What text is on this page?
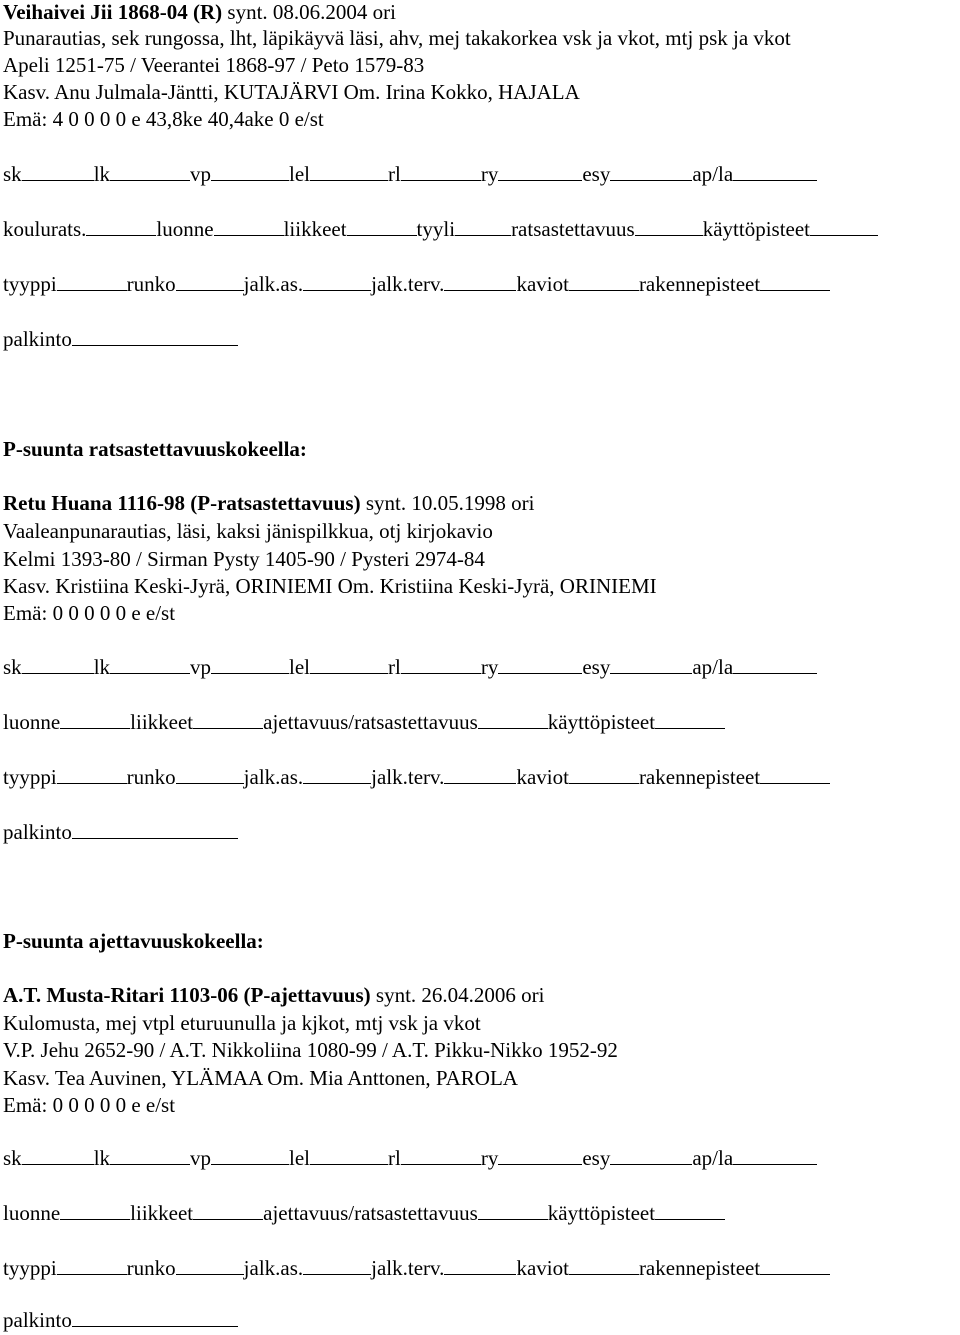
Veihaivei Jii 1868-04 (R) synt. 08.06.2004 ori
Punarautias, sek rungossa, lht, läpikäyvä läsi, ahv, mej takakorkea vsk ja vkot, mtj psk ja vkot
Apeli 1251-75 / Veerantei 1868-97 / Peto 1579-83
Kasv. Anu Julmala-Jäntti, KUTAJÄRVI Om. Irina Kokko, HAJALA
Emä: 4 0 0 0 0 e 43,8ke 40,4ake 0 e/st
sk	lk	vp	lel	rl	ry	esy	ap/la
koulurats.	luonne	liikkeet	tyyli	ratsastettavuus	käyttöpisteet
tyyppi	runko	jalk.as.	jalk.terv.	kaviot	rakennepisteet
palkinto
P-suunta ratsastettavuuskokeella:
Retu Huana 1116-98 (P-ratsastettavuus) synt. 10.05.1998 ori
Vaaleanpunarautias, läsi, kaksi jänispilkkua, otj kirjokavio
Kelmi 1393-80 / Sirman Pysty 1405-90 / Pysteri 2974-84
Kasv. Kristiina Keski-Jyrä, ORINIEMI Om. Kristiina Keski-Jyrä, ORINIEMI
Emä: 0 0 0 0 0 e e/st
sk	lk	vp	lel	rl	ry	esy	ap/la
luonne	liikkeet	ajettavuus/ratsastettavuus	käyttöpisteet
tyyppi	runko	jalk.as.	jalk.terv.	kaviot	rakennepisteet
palkinto
P-suunta ajettavuuskokeella:
A.T. Musta-Ritari 1103-06 (P-ajettavuus) synt. 26.04.2006 ori
Kulomusta, mej vtpl eturuunulla ja kjkot, mtj vsk ja vkot
V.P. Jehu 2652-90 / A.T. Nikkoliina 1080-99 / A.T. Pikku-Nikko 1952-92
Kasv. Tea Auvinen, YLÄMAA Om. Mia Anttonen, PAROLA
Emä: 0 0 0 0 0 e e/st
sk	lk	vp	lel	rl	ry	esy	ap/la
luonne	liikkeet	ajettavuus/ratsastettavuus	käyttöpisteet
tyyppi	runko	jalk.as.	jalk.terv.	kaviot	rakennepisteet
palkinto
